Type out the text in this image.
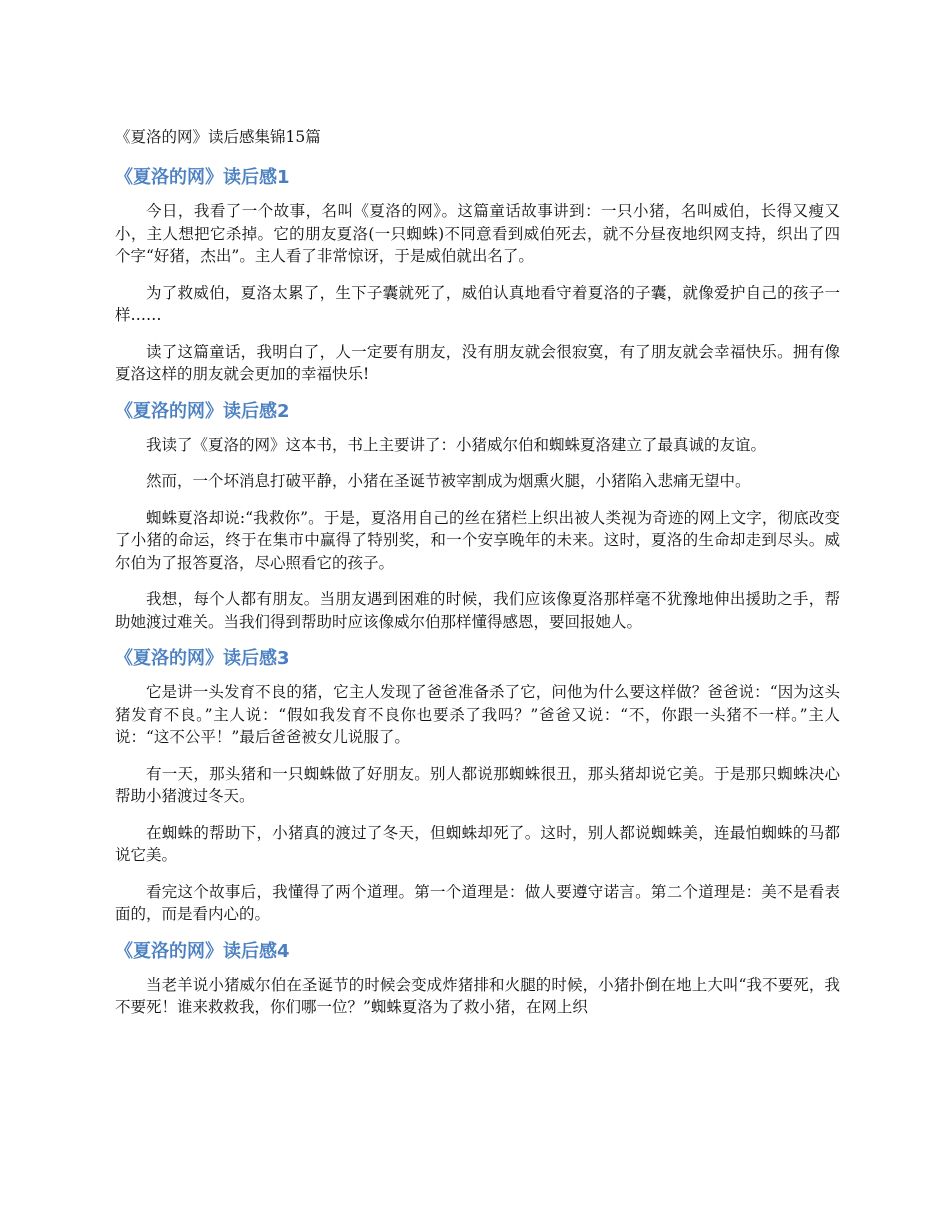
《夏洛的网》读后感集锦15篇
《夏洛的网》读后感1
今日，我看了一个故事，名叫《夏洛的网》。这篇童话故事讲到：一只小猪，名叫威伯，长得又瘦又小，主人想把它杀掉。它的朋友夏洛(一只蜘蛛)不同意看到威伯死去，就不分昼夜地织网支持，织出了四个字“好猪，杰出”。主人看了非常惊讶，于是威伯就出名了。
为了救威伯，夏洛太累了，生下子囊就死了，威伯认真地看守着夏洛的子囊，就像爱护自己的孩子一样……
读了这篇童话，我明白了，人一定要有朋友，没有朋友就会很寂寞，有了朋友就会幸福快乐。拥有像夏洛这样的朋友就会更加的幸福快乐!
《夏洛的网》读后感2
我读了《夏洛的网》这本书，书上主要讲了：小猪威尔伯和蜘蛛夏洛建立了最真诚的友谊。
然而，一个坏消息打破平静，小猪在圣诞节被宰割成为烟熏火腿，小猪陷入悲痛无望中。
蜘蛛夏洛却说:“我救你”。于是，夏洛用自己的丝在猪栏上织出被人类视为奇迹的网上文字，彻底改变了小猪的命运，终于在集市中赢得了特别奖，和一个安享晚年的未来。这时，夏洛的生命却走到尽头。威尔伯为了报答夏洛，尽心照看它的孩子。
我想，每个人都有朋友。当朋友遇到困难的时候，我们应该像夏洛那样毫不犹豫地伸出援助之手，帮助她渡过难关。当我们得到帮助时应该像威尔伯那样懂得感恩，要回报她人。
《夏洛的网》读后感3
它是讲一头发育不良的猪，它主人发现了爸爸准备杀了它，问他为什么要这样做？爸爸说：“因为这头猪发育不良。”主人说：“假如我发育不良你也要杀了我吗？”爸爸又说：“不，你跟一头猪不一样。”主人说：“这不公平！”最后爸爸被女儿说服了。
有一天，那头猪和一只蜘蛛做了好朋友。别人都说那蜘蛛很丑，那头猪却说它美。于是那只蜘蛛决心帮助小猪渡过冬天。
在蜘蛛的帮助下，小猪真的渡过了冬天，但蜘蛛却死了。这时，别人都说蜘蛛美，连最怕蜘蛛的马都说它美。
看完这个故事后，我懂得了两个道理。第一个道理是：做人要遵守诺言。第二个道理是：美不是看表面的，而是看内心的。
《夏洛的网》读后感4
当老羊说小猪威尔伯在圣诞节的时候会变成炸猪排和火腿的时候，小猪扑倒在地上大叫“我不要死，我不要死！谁来救救我，你们哪一位？”蜘蛛夏洛为了救小猪，在网上织
